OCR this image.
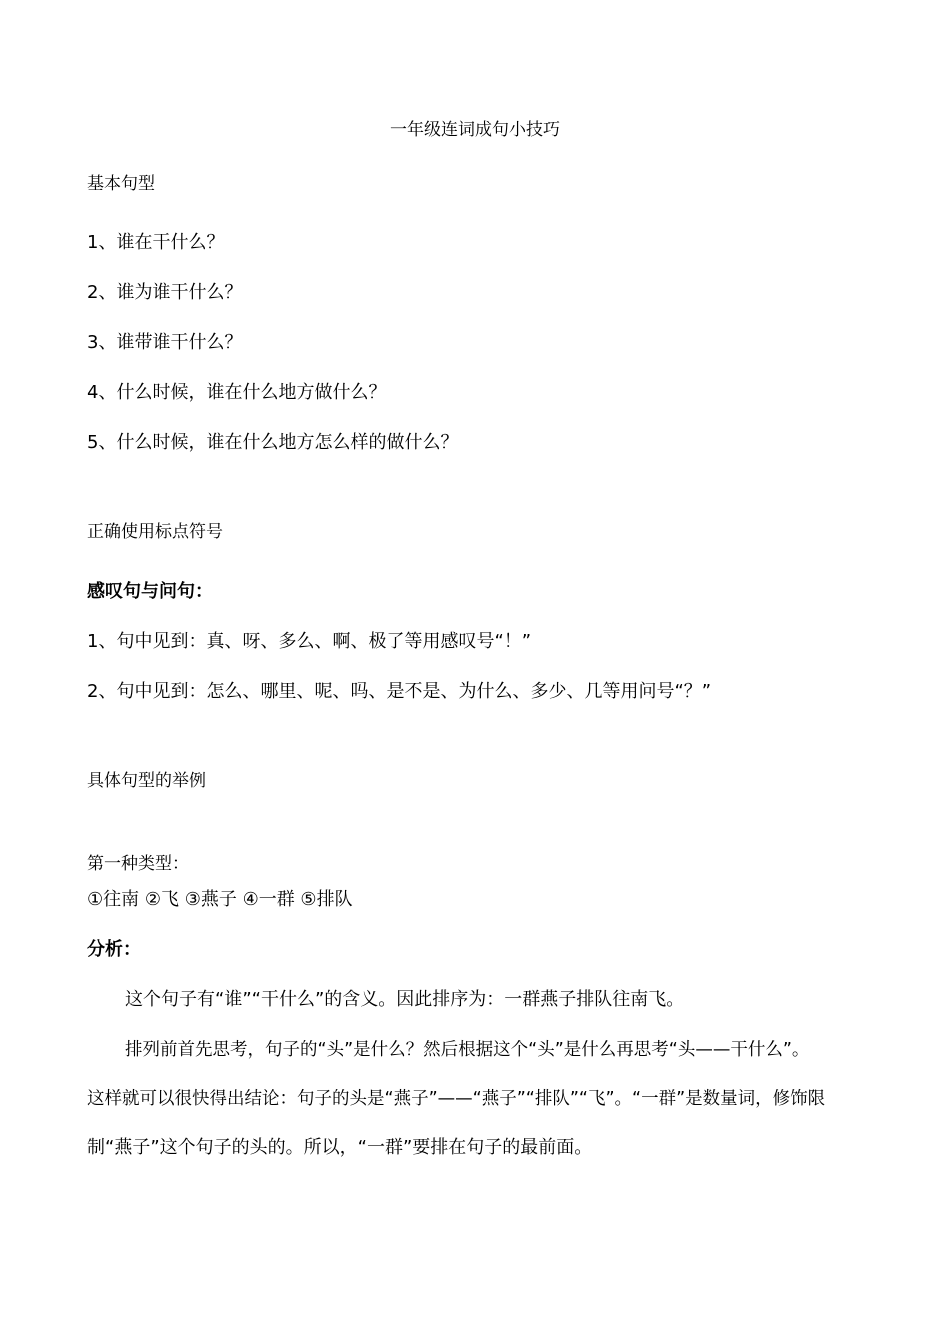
一年级连词成句小技巧
基本句型
1、谁在干什么？
2、谁为谁干什么？
3、谁带谁干什么？
4、什么时候，谁在什么地方做什么？
5、什么时候，谁在什么地方怎么样的做什么？
正确使用标点符号
感叹句与问句：
1、句中见到：真、呀、多么、啊、极了等用感叹号“！”
2、句中见到：怎么、哪里、呢、吗、是不是、为什么、多少、几等用问号“？”
具体句型的举例
第一种类型：
①往南 ②飞 ③燕子 ④一群 ⑤排队
分析：
这个句子有“谁”“干什么”的含义。因此排序为：一群燕子排队往南飞。
排列前首先思考，句子的“头”是什么？然后根据这个“头”是什么再思考“头——干什么”。
这样就可以很快得出结论：句子的头是“燕子”——“燕子”“排队”“飞”。“一群”是数量词，修饰限
制“燕子”这个句子的头的。所以，“一群”要排在句子的最前面。
